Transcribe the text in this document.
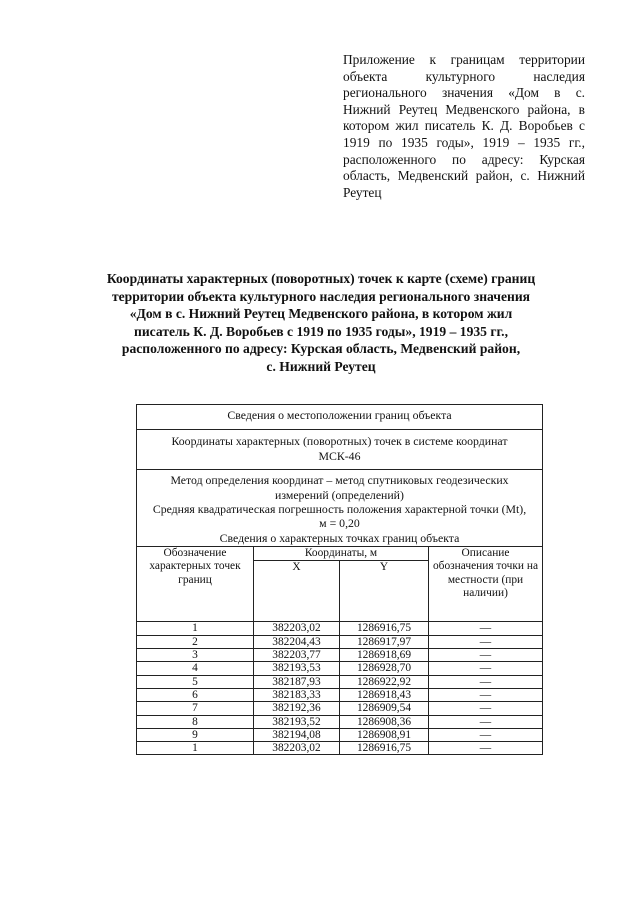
Приложение к границам территории объекта культурного наследия регионального значения «Дом в с. Нижний Реутец Медвенского района, в котором жил писатель К. Д. Воробьев с 1919 по 1935 годы», 1919 – 1935 гг., расположенного по адресу: Курская область, Медвенский район, с. Нижний Реутец
Координаты характерных (поворотных) точек к карте (схеме) границ
территории объекта культурного наследия регионального значения
«Дом в с. Нижний Реутец Медвенского района, в котором жил
писатель К. Д. Воробьев с 1919 по 1935 годы», 1919 – 1935 гг.,
расположенного по адресу: Курская область, Медвенский район,
с. Нижний Реутец
Сведения о местоположении границ объекта			
Координаты характерных (поворотных) точек в системе координат МСК-46			

Метод определения координат – метод спутниковых геодезических измерений (определений)
Средняя квадратическая погрешность положения характерной точки (Mt), м = 0,20
Сведения о характерных точках границ объекта			

Обозначение характерных точек границ	Координаты, м		Описание обозначения точки на местности (при наличии)
	X	Y	
1	382203,02	1286916,75	—
2	382204,43	1286917,97	—
3	382203,77	1286918,69	—
4	382193,53	1286928,70	—
5	382187,93	1286922,92	—
6	382183,33	1286918,43	—
7	382192,36	1286909,54	—
8	382193,52	1286908,36	—
9	382194,08	1286908,91	—
1	382203,02	1286916,75	—
